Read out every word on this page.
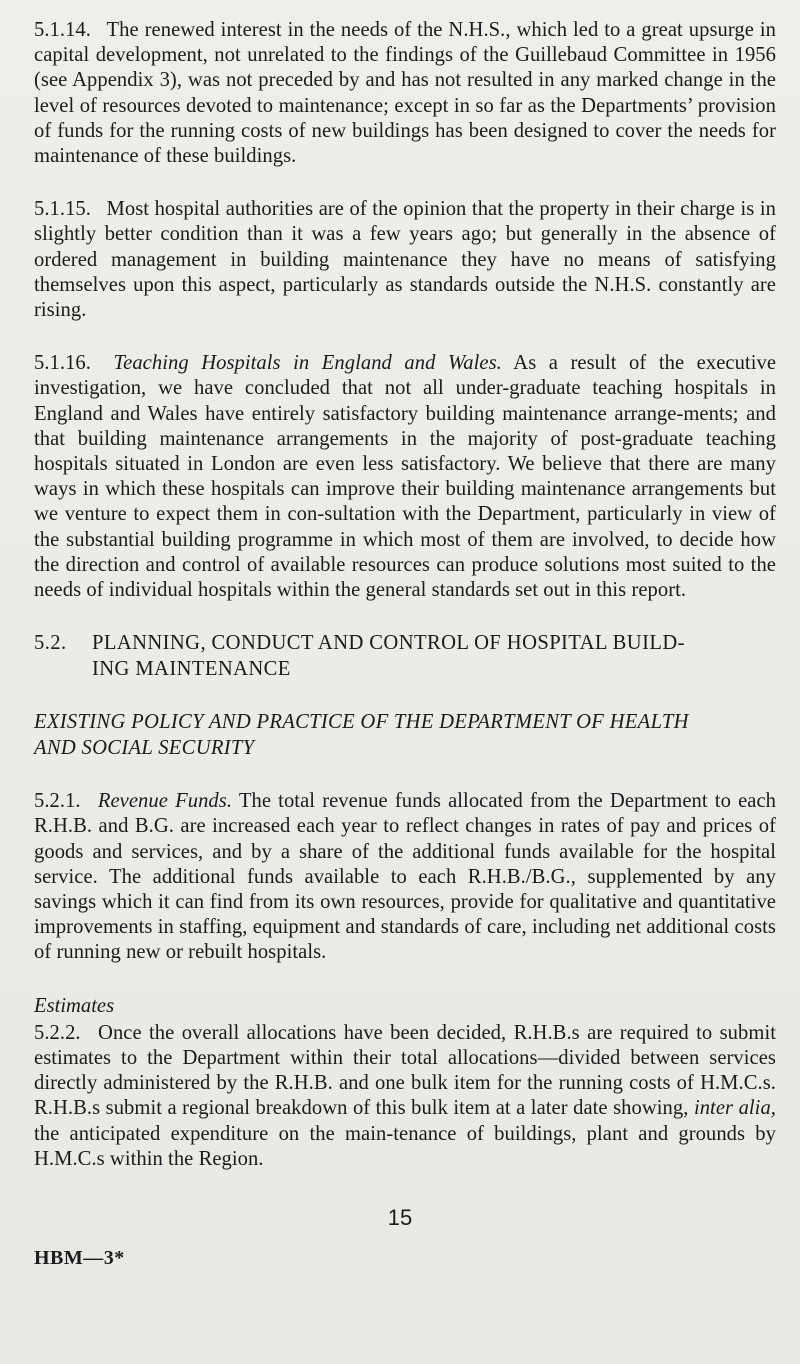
5.1.14. The renewed interest in the needs of the N.H.S., which led to a great upsurge in capital development, not unrelated to the findings of the Guillebaud Committee in 1956 (see Appendix 3), was not preceded by and has not resulted in any marked change in the level of resources devoted to maintenance; except in so far as the Departments’ provision of funds for the running costs of new buildings has been designed to cover the needs for maintenance of these buildings.

5.1.15. Most hospital authorities are of the opinion that the property in their charge is in slightly better condition than it was a few years ago; but generally in the absence of ordered management in building maintenance they have no means of satisfying themselves upon this aspect, particularly as standards outside the N.H.S. constantly are rising.

5.1.16. Teaching Hospitals in England and Wales. As a result of the executive investigation, we have concluded that not all under-graduate teaching hospitals in England and Wales have entirely satisfactory building maintenance arrange-ments; and that building maintenance arrangements in the majority of post-graduate teaching hospitals situated in London are even less satisfactory. We believe that there are many ways in which these hospitals can improve their building maintenance arrangements but we venture to expect them in con-sultation with the Department, particularly in view of the substantial building programme in which most of them are involved, to decide how the direction and control of available resources can produce solutions most suited to the needs of individual hospitals within the general standards set out in this report.

5.2. PLANNING, CONDUCT AND CONTROL OF HOSPITAL BUILD-
ING MAINTENANCE
EXISTING POLICY AND PRACTICE OF THE DEPARTMENT OF HEALTH
AND SOCIAL SECURITY

5.2.1. Revenue Funds. The total revenue funds allocated from the Department to each R.H.B. and B.G. are increased each year to reflect changes in rates of pay and prices of goods and services, and by a share of the additional funds available for the hospital service. The additional funds available to each R.H.B./B.G., supplemented by any savings which it can find from its own resources, provide for qualitative and quantitative improvements in staffing, equipment and standards of care, including net additional costs of running new or rebuilt hospitals.

Estimates

5.2.2. Once the overall allocations have been decided, R.H.B.s are required to submit estimates to the Department within their total allocations—divided between services directly administered by the R.H.B. and one bulk item for the running costs of H.M.C.s. R.H.B.s submit a regional breakdown of this bulk item at a later date showing, inter alia, the anticipated expenditure on the main-tenance of buildings, plant and grounds by H.M.C.s within the Region.

15
HBM—3*
